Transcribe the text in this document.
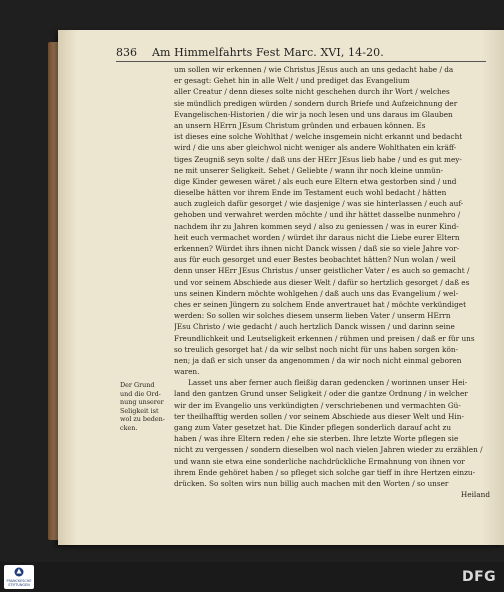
836 Am Himmelfahrts Fest Marc. XVI, 14-20.
um sollen wir erkennen / wie Christus JEsus auch an uns gedacht habe / da
er gesagt: Gehet hin in alle Welt / und prediget das Evangelium
aller Creatur / denn dieses solte nicht geschehen durch ihr Wort / welches
sie mündlich predigen würden / sondern durch Briefe und Aufzeichnung der
Evangelischen-Historien / die wir ja noch lesen und uns daraus im Glauben
an unsern HErrn JEsum Christum gründen und erbauen können. Es
ist dieses eine solche Wohlthat / welche insgemein nicht erkannt und bedacht
wird / die uns aber gleichwol nicht weniger als andere Wohlthaten ein kräff-
tiges Zeugniß seyn solte / daß uns der HErr JEsus lieb habe / und es gut mey-
ne mit unserer Seligkeit. Sehet / Geliebte / wann ihr noch kleine unmün-
dige Kinder gewesen wäret / als euch eure Eltern etwa gestorben sind / und
dieselbe hätten vor ihrem Ende im Testament euch wohl bedacht / hätten
auch zugleich dafür gesorget / wie dasjenige / was sie hinterlassen / euch auf-
gehoben und verwahret werden möchte / und ihr hättet dasselbe nunmehro /
nachdem ihr zu Jahren kommen seyd / also zu geniessen / was in eurer Kind-
heit euch vermachet worden / würdet ihr daraus nicht die Liebe eurer Eltern
erkennen? Würdet ihrs ihnen nicht Danck wissen / daß sie so viele Jahre vor-
aus für euch gesorget und euer Bestes beobachtet hätten? Nun wolan / weil
denn unser HErr JEsus Christus / unser geistlicher Vater / es auch so gemacht /
und vor seinem Abschiede aus dieser Welt / dafür so hertzlich gesorget / daß es
uns seinen Kindern möchte wohlgehen / daß auch uns das Evangelium / wel-
ches er seinen Jüngern zu solchem Ende anvertrauet hat / möchte verkündiget
werden: So sollen wir solches diesem unserm lieben Vater / unserm HErrn
JEsu Christo / wie gedacht / auch hertzlich Danck wissen / und darinn seine
Freundlichkeit und Leutseligkeit erkennen / rühmen und preisen / daß er für uns
so treulich gesorget hat / da wir selbst noch nicht für uns haben sorgen kön-
nen; ja daß er sich unser da angenommen / da wir noch nicht einmal geboren
waren.
Lasset uns aber ferner auch fleißig daran gedencken / worinnen unser Hei-
land den gantzen Grund unser Seligkeit / oder die gantze Ordnung / in welcher
wir der im Evangelio uns verkündigten / verschriebenen und vermachten Gü-
ter theilhafftig werden sollen / vor seinem Abschiede aus dieser Welt und Hin-
gang zum Vater gesetzet hat. Die Kinder pflegen sonderlich darauf acht zu
haben / was ihre Eltern reden / ehe sie sterben. Ihre letzte Worte pflegen sie
nicht zu vergessen / sondern dieselben wol nach vielen Jahren wieder zu erzählen /
und wann sie etwa eine sonderliche nachdrückliche Ermahnung von ihnen vor
ihrem Ende gehöret haben / so pfleget sich solche gar tieff in ihre Hertzen einzu-
drücken. So solten wirs nun billig auch machen mit den Worten / so unser
Heiland
Der Grund
und die Ord-
nung unserer
Seligkeit ist
wol zu beden-
cken.
FRANCKESCHE
STIFTUNGEN	DFG
